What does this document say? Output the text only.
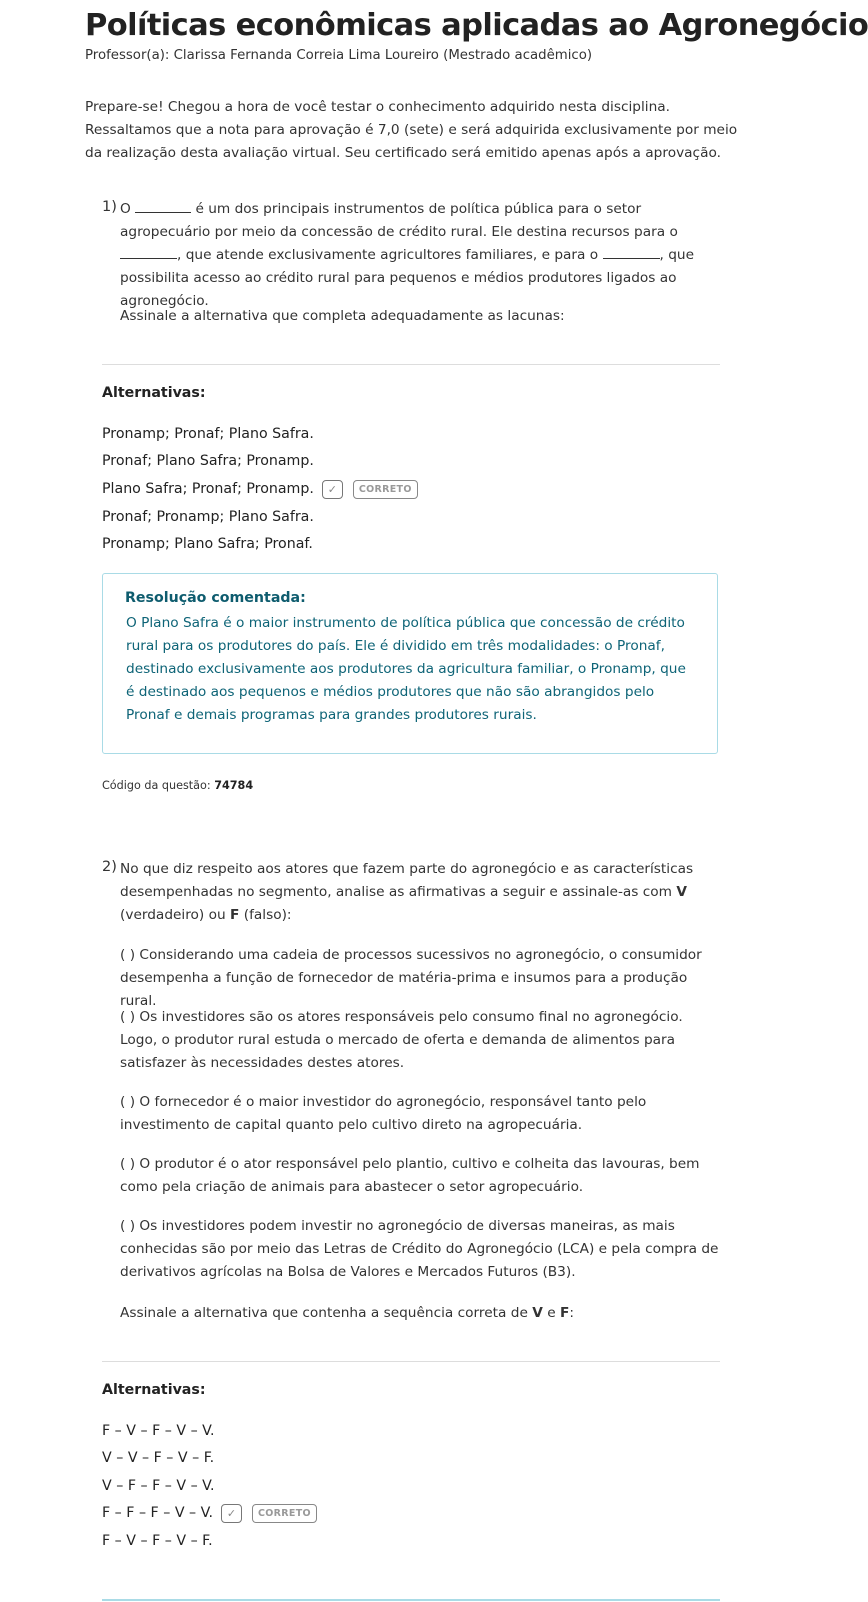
Políticas econômicas aplicadas ao Agronegócio
Professor(a): Clarissa Fernanda Correia Lima Loureiro (Mestrado acadêmico)
Prepare-se! Chegou a hora de você testar o conhecimento adquirido nesta disciplina. Ressaltamos que a nota para aprovação é 7,0 (sete) e será adquirida exclusivamente por meio da realização desta avaliação virtual. Seu certificado será emitido apenas após a aprovação.
1) O	é um dos principais instrumentos de política pública para o setor agropecuário por meio da concessão de crédito rural. Ele destina recursos para o , que atende exclusivamente agricultores familiares, e para o	, que possibilita acesso ao crédito rural para pequenos e médios produtores ligados ao agronegócio.
Assinale a alternativa que completa adequadamente as lacunas:
Alternativas:
Pronamp; Pronaf; Plano Safra.
Pronaf; Plano Safra; Pronamp.
Plano Safra; Pronaf; Pronamp.	✓	CORRETO
Pronaf; Pronamp; Plano Safra.
Pronamp; Plano Safra; Pronaf.
Resolução comentada:
O Plano Safra é o maior instrumento de política pública que concessão de crédito rural para os produtores do país. Ele é dividido em três modalidades: o Pronaf, destinado exclusivamente aos produtores da agricultura familiar, o Pronamp, que é destinado aos pequenos e médios produtores que não são abrangidos pelo Pronaf e demais programas para grandes produtores rurais.
Código da questão: 74784
2) No que diz respeito aos atores que fazem parte do agronegócio e as características desempenhadas no segmento, analise as afirmativas a seguir e assinale-as com V (verdadeiro) ou F (falso):
( ) Considerando uma cadeia de processos sucessivos no agronegócio, o consumidor desempenha a função de fornecedor de matéria-prima e insumos para a produção rural.
( ) Os investidores são os atores responsáveis pelo consumo final no agronegócio. Logo, o produtor rural estuda o mercado de oferta e demanda de alimentos para satisfazer às necessidades destes atores.
( ) O fornecedor é o maior investidor do agronegócio, responsável tanto pelo investimento de capital quanto pelo cultivo direto na agropecuária.
( ) O produtor é o ator responsável pelo plantio, cultivo e colheita das lavouras, bem como pela criação de animais para abastecer o setor agropecuário.
( ) Os investidores podem investir no agronegócio de diversas maneiras, as mais conhecidas são por meio das Letras de Crédito do Agronegócio (LCA) e pela compra de derivativos agrícolas na Bolsa de Valores e Mercados Futuros (B3).
Assinale a alternativa que contenha a sequência correta de V e F:
Alternativas:
F – V – F – V – V.
V – V – F – V – F.
V – F – F – V – V.
F – F – F – V – V.	✓	CORRETO
F – V – F – V – F.
